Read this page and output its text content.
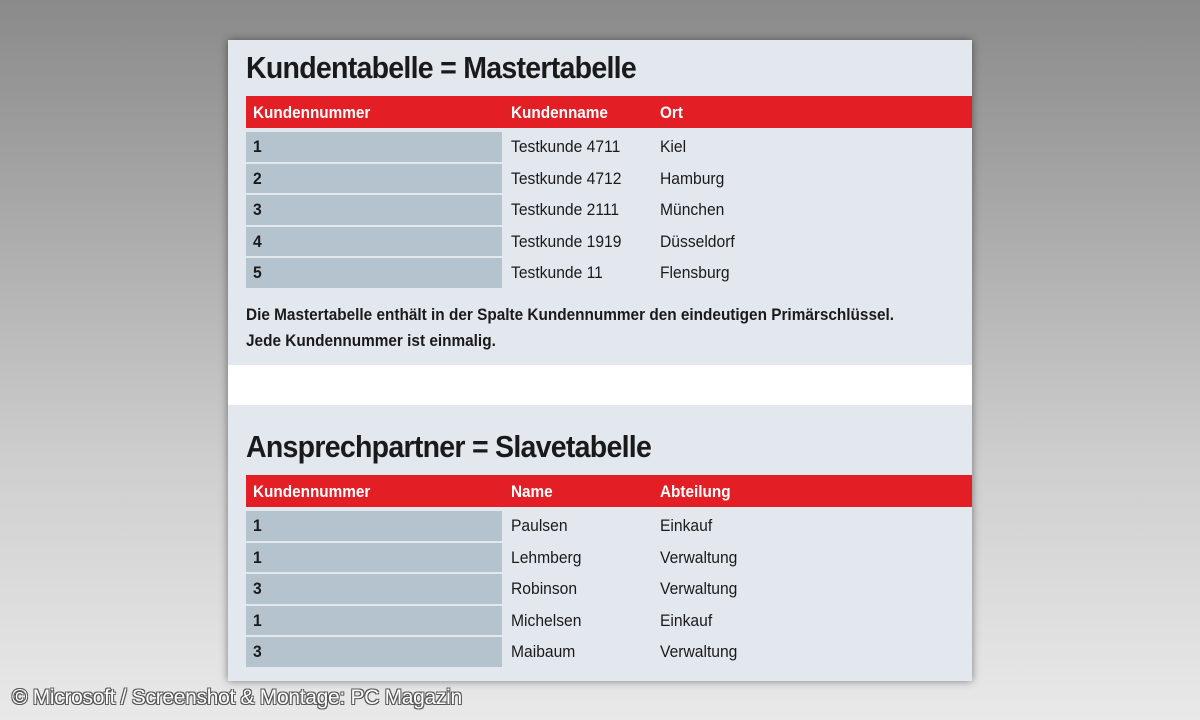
Kundentabelle = Mastertabelle
Kundennummer	Kundenname	Ort
1	Testkunde 4711	Kiel
2	Testkunde 4712	Hamburg
3	Testkunde 2111	München
4	Testkunde 1919	Düsseldorf
5	Testkunde 11	Flensburg
Die Mastertabelle enthält in der Spalte Kundennummer den eindeutigen Primärschlüssel.
Jede Kundennummer ist einmalig.
Ansprechpartner = Slavetabelle
Kundennummer	Name	Abteilung
1	Paulsen	Einkauf
1	Lehmberg	Verwaltung
3	Robinson	Verwaltung
1	Michelsen	Einkauf
3	Maibaum	Verwaltung
© Microsoft / Screenshot & Montage: PC Magazin
